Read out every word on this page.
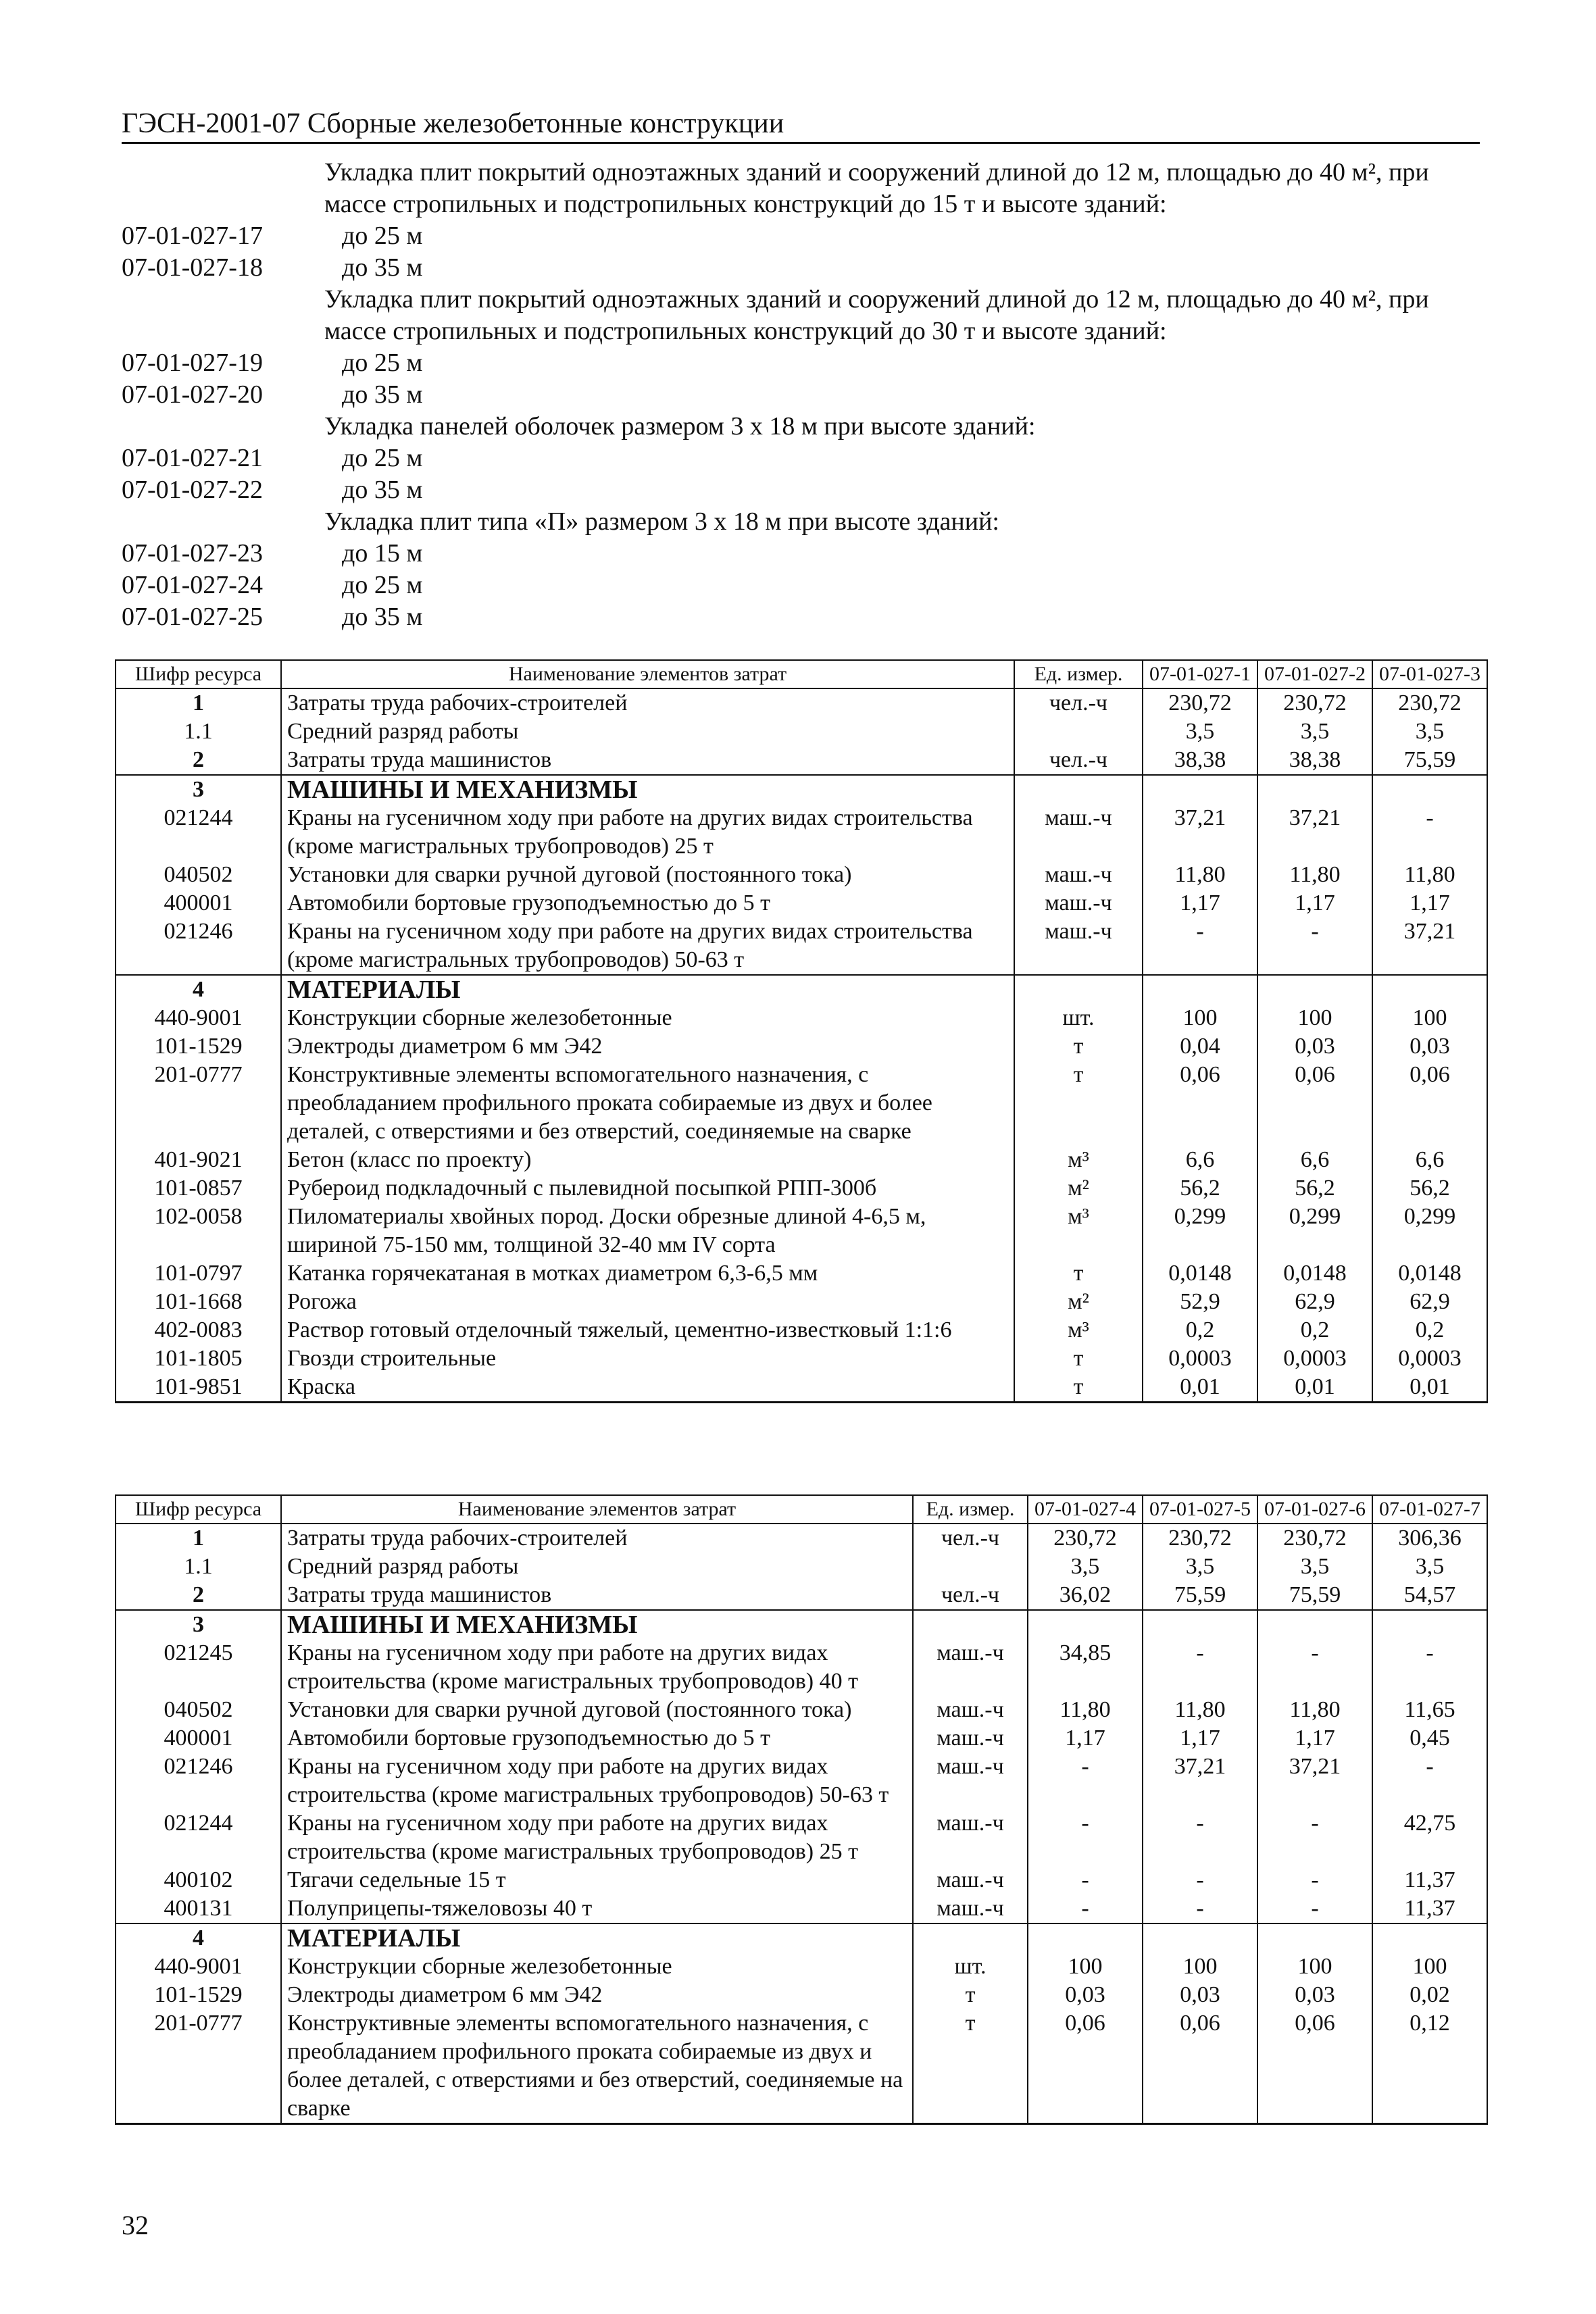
ГЭСН-2001-07 Сборные железобетонные конструкции
Укладка плит покрытий одноэтажных зданий и сооружений длиной до 12 м, площадью до 40 м², при массе стропильных и подстропильных конструкций до 15 т и высоте зданий:
07-01-027-17	до 25 м
07-01-027-18	до 35 м
Укладка плит покрытий одноэтажных зданий и сооружений длиной до 12 м, площадью до 40 м², при массе стропильных и подстропильных конструкций до 30 т и высоте зданий:
07-01-027-19	до 25 м
07-01-027-20	до 35 м
Укладка панелей оболочек размером 3 х 18 м при высоте зданий:
07-01-027-21	до 25 м
07-01-027-22	до 35 м
Укладка плит типа «П» размером 3 х 18 м при высоте зданий:
07-01-027-23	до 15 м
07-01-027-24	до 25 м
07-01-027-25	до 35 м
Шифр ресурса	Наименование элементов затрат	Ед. измер.	07-01-027-1	07-01-027-2	07-01-027-3
1	Затраты труда рабочих-строителей	чел.-ч	230,72	230,72	230,72
1.1	Средний разряд работы		3,5	3,5	3,5
2	Затраты труда машинистов	чел.-ч	38,38	38,38	75,59
3	МАШИНЫ И МЕХАНИЗМЫ				
021244	Краны на гусеничном ходу при работе на других видах строительства (кроме магистральных трубопроводов) 25 т	маш.-ч	37,21	37,21	-
040502	Установки для сварки ручной дуговой (постоянного тока)	маш.-ч	11,80	11,80	11,80
400001	Автомобили бортовые грузоподъемностью до 5 т	маш.-ч	1,17	1,17	1,17
021246	Краны на гусеничном ходу при работе на других видах строительства (кроме магистральных трубопроводов) 50-63 т	маш.-ч	-	-	37,21
4	МАТЕРИАЛЫ				
440-9001	Конструкции сборные железобетонные	шт.	100	100	100
101-1529	Электроды диаметром 6 мм Э42	т	0,04	0,03	0,03
201-0777	Конструктивные элементы вспомогательного назначения, с преобладанием профильного проката собираемые из двух и более деталей, с отверстиями и без отверстий, соединяемые на сварке	т	0,06	0,06	0,06
401-9021	Бетон (класс по проекту)	м³	6,6	6,6	6,6
101-0857	Рубероид подкладочный с пылевидной посыпкой РПП-300б	м²	56,2	56,2	56,2
102-0058	Пиломатериалы хвойных пород. Доски обрезные длиной 4-6,5 м, шириной 75-150 мм, толщиной 32-40 мм IV сорта	м³	0,299	0,299	0,299
101-0797	Катанка горячекатаная в мотках диаметром 6,3-6,5 мм	т	0,0148	0,0148	0,0148
101-1668	Рогожа	м²	52,9	62,9	62,9
402-0083	Раствор готовый отделочный тяжелый, цементно-известковый 1:1:6	м³	0,2	0,2	0,2
101-1805	Гвозди строительные	т	0,0003	0,0003	0,0003
101-9851	Краска	т	0,01	0,01	0,01
Шифр ресурса	Наименование элементов затрат	Ед. измер.	07-01-027-4	07-01-027-5	07-01-027-6	07-01-027-7
1	Затраты труда рабочих-строителей	чел.-ч	230,72	230,72	230,72	306,36
1.1	Средний разряд работы		3,5	3,5	3,5	3,5
2	Затраты труда машинистов	чел.-ч	36,02	75,59	75,59	54,57
3	МАШИНЫ И МЕХАНИЗМЫ					
021245	Краны на гусеничном ходу при работе на других видах строительства (кроме магистральных трубопроводов) 40 т	маш.-ч	34,85	-	-	-
040502	Установки для сварки ручной дуговой (постоянного тока)	маш.-ч	11,80	11,80	11,80	11,65
400001	Автомобили бортовые грузоподъемностью до 5 т	маш.-ч	1,17	1,17	1,17	0,45
021246	Краны на гусеничном ходу при работе на других видах строительства (кроме магистральных трубопроводов) 50-63 т	маш.-ч	-	37,21	37,21	-
021244	Краны на гусеничном ходу при работе на других видах строительства (кроме магистральных трубопроводов) 25 т	маш.-ч	-	-	-	42,75
400102	Тягачи седельные 15 т	маш.-ч	-	-	-	11,37
400131	Полуприцепы-тяжеловозы 40 т	маш.-ч	-	-	-	11,37
4	МАТЕРИАЛЫ					
440-9001	Конструкции сборные железобетонные	шт.	100	100	100	100
101-1529	Электроды диаметром 6 мм Э42	т	0,03	0,03	0,03	0,02
201-0777	Конструктивные элементы вспомогательного назначения, с преобладанием профильного проката собираемые из двух и более деталей, с отверстиями и без отверстий, соединяемые на сварке	т	0,06	0,06	0,06	0,12
32
